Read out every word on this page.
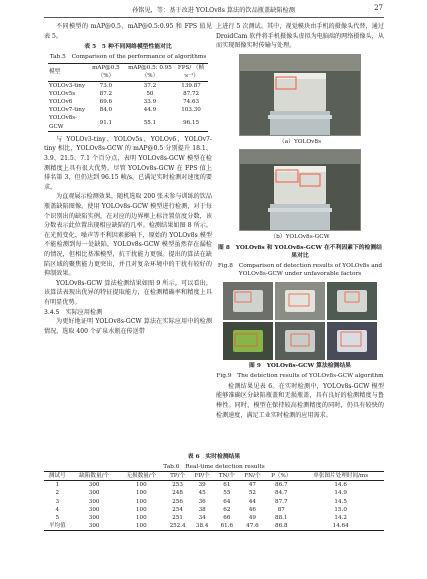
孙铭见，等：基于改进 YOLOv8s 算法的饮品瓶盖缺陷检测	27

不同模型的 mAP@0.5、mAP@0.5:0.95 和 FPS 值见表 5。

表 5　5 种不同网络模型性能对比
Tab.5　Comparison of the performance of algorithms
模型	mAP@0.5 （%）	mAP@0.5: 0.95（%）	FPS/ （帧·s⁻¹）

YOLOv3-tiny	73.0	37.2	139.87
YOLOv5s	87.2	50	87.72
YOLOv6	69.6	33.9	74.63
YOLOv7-tiny	84.0	44.9	103.30
YOLOv8s-GCW	91.1	55.1	96.15

与 YOLOv3-tiny、YOLOv5s、YOLOv6、YOLOv7-tiny 相比，YOLOv8s-GCW 的 mAP@0.5 分别提升 18.1、3.9、21.5、7.1 个百分点，表明 YOLOv8s-GCW 模型在检测精度上具有很大优势。尽管 YOLOv8s-GCW 在 FPS 值上排名第 3，但仍达到 96.15 帧/s，已满足实时检测对速度的要求。

为直观展示检测效果，随机选取 200 张未参与训练的饮品瓶盖缺陷图像，使用 YOLOv8s-GCW 模型进行检测，对于每个识别出的缺陷实例，在对应的边界框上标注置信度分数，该分数表示此位置出现相应缺陷的几率。检测结果如图 8 所示。在光照变化、噪声等不利因素影响下，原始的 YOLOv8s 模型不能检测到每一处缺陷，YOLOv8s-GCW 模型虽然存在漏检的情况，但相比基准模型，抗干扰能力更强。提出的算法在缺陷区域的聚焦能力更突出，并且对复杂环境中的干扰有较好的抑制效果。

YOLOv8s-GCW 算法检测结果如图 9 所示。可以看出，该算法表现出优异的特征提取能力，在检测精确率和精度上具有明显优势。

3.4.5　实际应用检测

为更好地证明 YOLOv8s-GCW 算法在实际应用中的检测情况，选取 400 个矿泉水瓶在传送带

上进行 5 次测试。其中，视觉模块由手机的摄像头代替，通过 DroidCam 软件将手机摄像头虚拟为电脑端的网络摄像头，从而实现图像实时传输与处理。

（a）YOLOv8s
（b）YOLOv8s-GCW
图 8　YOLOv8s 和 YOLOv8s-GCW 在不利因素下的检测结果对比
Fig.8　Comparison of detection results of YOLOv8s and YOLOv8s-GCW under unfavorable factors
图 9　YOLOv8s-GCW 算法检测结果
Fig.9　The detection results of YOLOv8s-GCW algorithm

检测结果见表 6。在实时检测中，YOLOv8s-GCW 模型能够准确区分缺陷瓶盖和无损瓶盖，具有良好的检测精度与鲁棒性。同时，模型在保持较高检测精度的同时，仍具有较快的检测速度，满足工业实时检测的应用需求。

表 6　实时检测结果
Tab.6　Real-time detection results
测试号	缺陷数量/个	无损数量/个	TP/个	FP/个	TN/个	FN/个	P（%）	单张图片处理时间/ms
1	300	100	253	39	61	47	86.7	14.6
2	300	100	248	45	55	52	84.7	14.9
3	300	100	256	36	64	44	87.7	14.5
4	300	100	254	38	62	46	87	15.0
5	300	100	251	34	66	49	88.1	14.2
平均值	300	100	252.4	38.4	61.6	47.6	86.8	14.64
